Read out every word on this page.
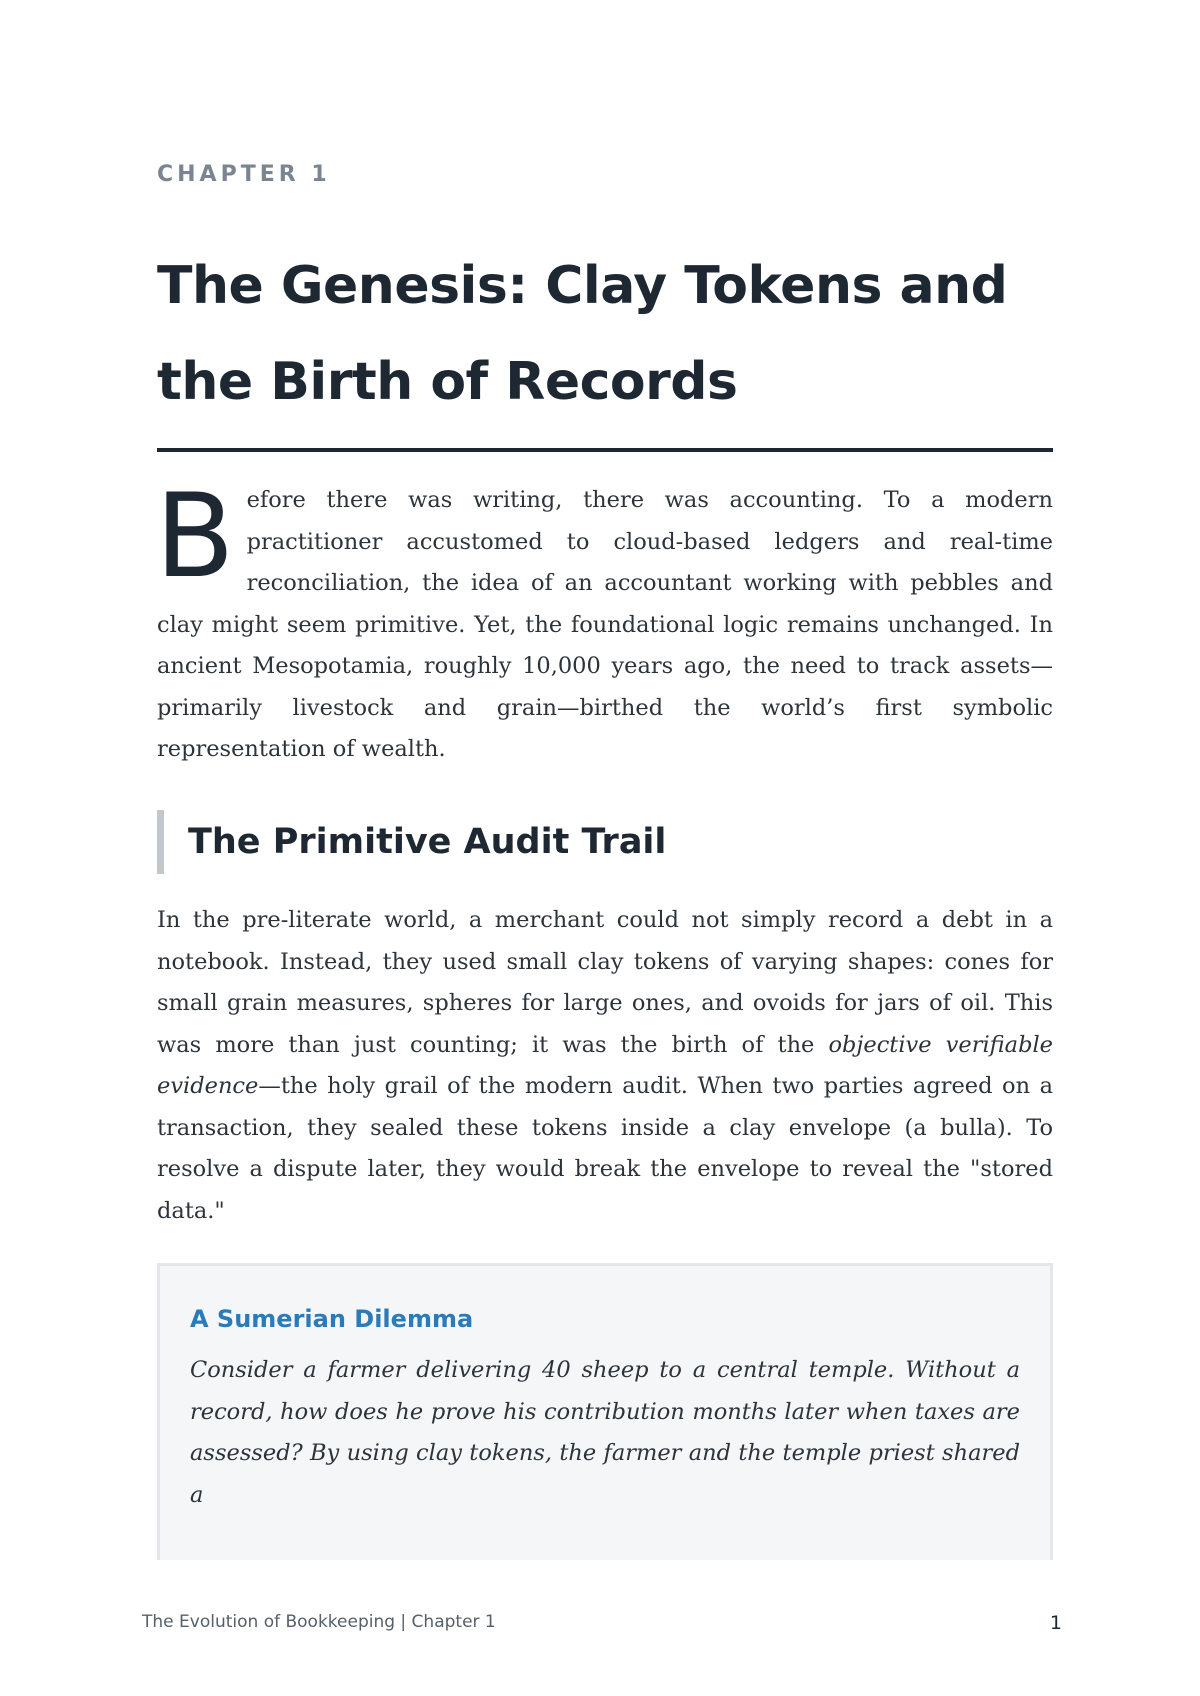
CHAPTER 1
The Genesis: Clay Tokens and the Birth of Records

Before there was writing, there was accounting. To a modern practitioner accustomed to cloud-based ledgers and real-time reconciliation, the idea of an accountant working with pebbles and clay might seem primitive. Yet, the foundational logic remains unchanged. In ancient Mesopotamia, roughly 10,000 years ago, the need to track assets—primarily livestock and grain—birthed the world’s first symbolic representation of wealth.

The Primitive Audit Trail

In the pre-literate world, a merchant could not simply record a debt in a notebook. Instead, they used small clay tokens of varying shapes: cones for small grain measures, spheres for large ones, and ovoids for jars of oil. This was more than just counting; it was the birth of the objective verifiable evidence—the holy grail of the modern audit. When two parties agreed on a transaction, they sealed these tokens inside a clay envelope (a bulla). To resolve a dispute later, they would break the envelope to reveal the "stored data."

A Sumerian Dilemma

Consider a farmer delivering 40 sheep to a central temple. Without a record, how does he prove his contribution months later when taxes are assessed? By using clay tokens, the farmer and the temple priest shared a

The Evolution of Bookkeeping | Chapter 1	1
